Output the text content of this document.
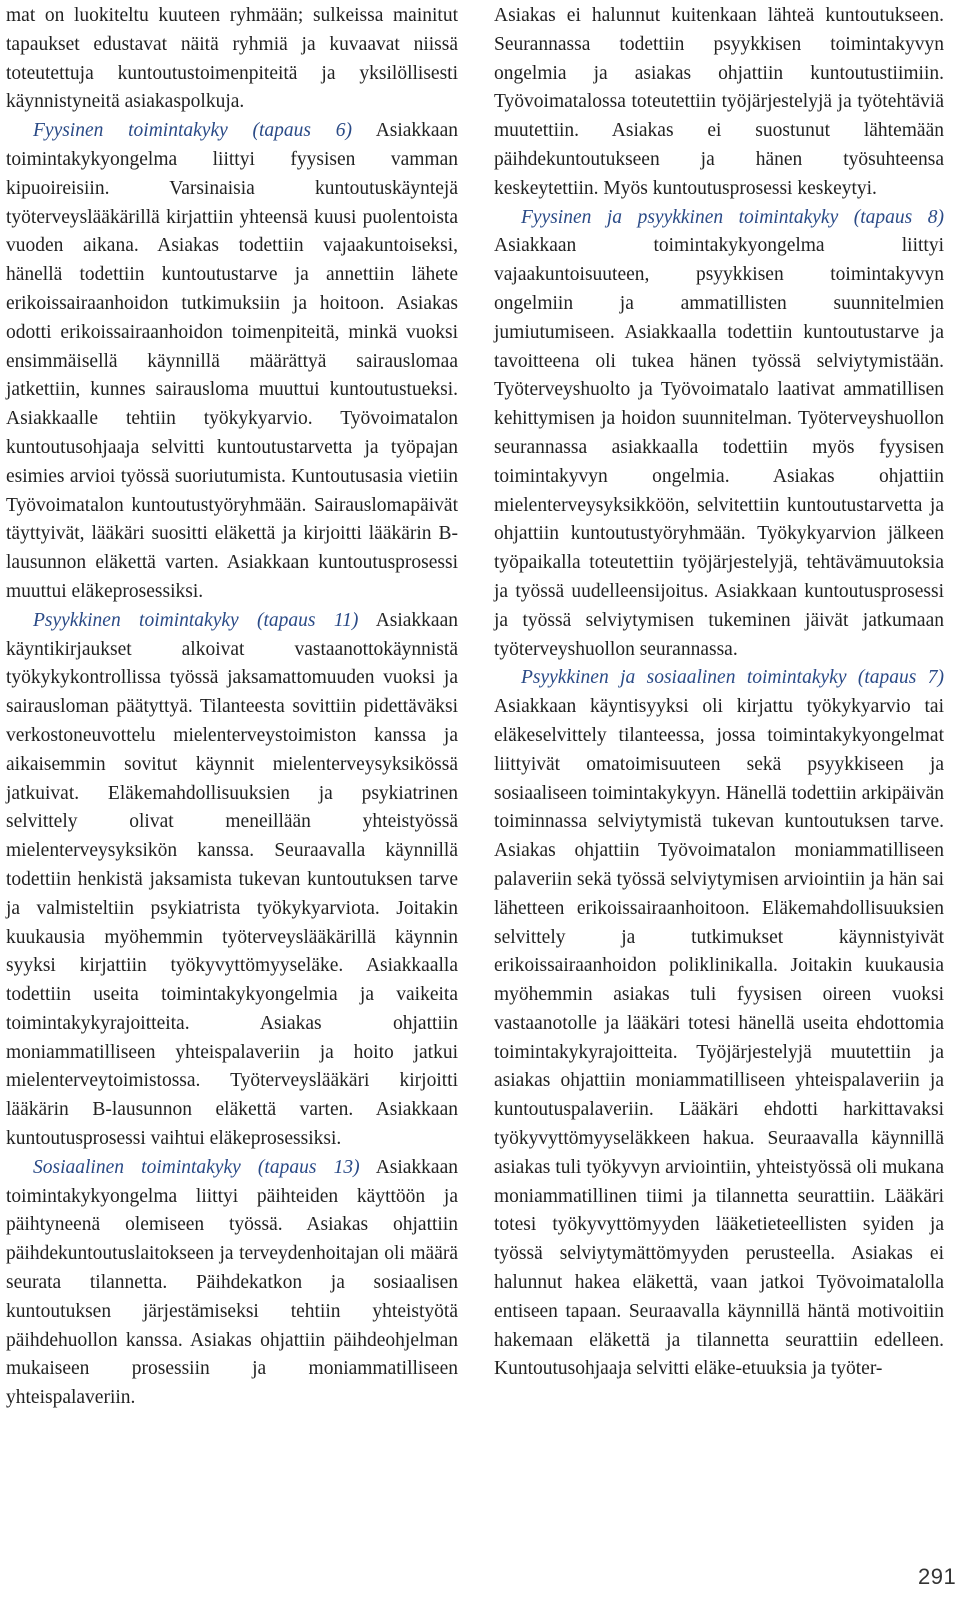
mat on luokiteltu kuuteen ryhmään; sulkeissa mainitut tapaukset edustavat näitä ryhmiä ja kuvaavat niissä toteutettuja kuntoutustoimenpiteitä ja yksilöllisesti käynnistyneitä asiakaspolkuja.

Fyysinen toimintakyky (tapaus 6) Asiakkaan toimintakykyongelma liittyi fyysisen vamman kipuoireisiin. Varsinaisia kuntoutuskäyntejä työterveyslääkärillä kirjattiin yhteensä kuusi puolentoista vuoden aikana. Asiakas todettiin vajaakuntoiseksi, hänellä todettiin kuntoutustarve ja annettiin lähete erikoissairaanhoidon tutkimuksiin ja hoitoon. Asiakas odotti erikoissairaanhoidon toimenpiteitä, minkä vuoksi ensimmäisellä käynnillä määrättyä sairauslomaa jatkettiin, kunnes sairausloma muuttui kuntoutustueksi. Asiakkaalle tehtiin työkykyarvio. Työvoimatalon kuntoutusohjaaja selvitti kuntoutustarvetta ja työpajan esimies arvioi työssä suoriutumista. Kuntoutusasia vietiin Työvoimatalon kuntoutustyöryhmään. Sairauslomapäivät täyttyivät, lääkäri suositti eläkettä ja kirjoitti lääkärin B-lausunnon eläkettä varten. Asiakkaan kuntoutusprosessi muuttui eläkeprosessiksi.

Psyykkinen toimintakyky (tapaus 11) Asiakkaan käyntikirjaukset alkoivat vastaanottokäynnistä työkykykontrollissa työssä jaksamattomuuden vuoksi ja sairausloman päätyttyä. Tilanteesta sovittiin pidettäväksi verkostoneuvottelu mielenterveystoimiston kanssa ja aikaisemmin sovitut käynnit mielenterveysyksikössä jatkuivat. Eläkemahdollisuuksien ja psykiatrinen selvittely olivat meneillään yhteistyössä mielenterveysyksikön kanssa. Seuraavalla käynnillä todettiin henkistä jaksamista tukevan kuntoutuksen tarve ja valmisteltiin psykiatrista työkykyarviota. Joitakin kuukausia myöhemmin työterveyslääkärillä käynnin syyksi kirjattiin työkyvyttömyyseläke. Asiakkaalla todettiin useita toimintakykyongelmia ja vaikeita toimintakykyrajoitteita. Asiakas ohjattiin moniammatilliseen yhteispalaveriin ja hoito jatkui mielenterveytoimistossa. Työterveyslääkäri kirjoitti lääkärin B-lausunnon eläkettä varten. Asiakkaan kuntoutusprosessi vaihtui eläkeprosessiksi.

Sosiaalinen toimintakyky (tapaus 13) Asiakkaan toimintakykyongelma liittyi päihteiden käyttöön ja päihtyneenä olemiseen työssä. Asiakas ohjattiin päihdekuntoutuslaitokseen ja terveydenhoitajan oli määrä seurata tilannetta. Päihdekatkon ja sosiaalisen kuntoutuksen järjestämiseksi tehtiin yhteistyötä päihdehuollon kanssa. Asiakas ohjattiin päihdeohjelman mukaiseen prosessiin ja moniammatilliseen yhteispalaveriin.

Asiakas ei halunnut kuitenkaan lähteä kuntoutukseen. Seurannassa todettiin psyykkisen toimintakyvyn ongelmia ja asiakas ohjattiin kuntoutustiimiin. Työvoimatalossa toteutettiin työjärjestelyjä ja työtehtäviä muutettiin. Asiakas ei suostunut lähtemään päihdekuntoutukseen ja hänen työsuhteensa keskeytettiin. Myös kuntoutusprosessi keskeytyi.

Fyysinen ja psyykkinen toimintakyky (tapaus 8) Asiakkaan toimintakykyongelma liittyi vajaakuntoisuuteen, psyykkisen toimintakyvyn ongelmiin ja ammatillisten suunnitelmien jumiutumiseen. Asiakkaalla todettiin kuntoutustarve ja tavoitteena oli tukea hänen työssä selviytymistään. Työterveyshuolto ja Työvoimatalo laativat ammatillisen kehittymisen ja hoidon suunnitelman. Työterveyshuollon seurannassa asiakkaalla todettiin myös fyysisen toimintakyvyn ongelmia. Asiakas ohjattiin mielenterveysyksikköön, selvitettiin kuntoutustarvetta ja ohjattiin kuntoutustyöryhmään. Työkykyarvion jälkeen työpaikalla toteutettiin työjärjestelyjä, tehtävämuutoksia ja työssä uudelleensijoitus. Asiakkaan kuntoutusprosessi ja työssä selviytymisen tukeminen jäivät jatkumaan työterveyshuollon seurannassa.

Psyykkinen ja sosiaalinen toimintakyky (tapaus 7) Asiakkaan käyntisyyksi oli kirjattu työkykyarvio tai eläkeselvittely tilanteessa, jossa toimintakykyongelmat liittyivät omatoimisuuteen sekä psyykkiseen ja sosiaaliseen toimintakykyyn. Hänellä todettiin arkipäivän toiminnassa selviytymistä tukevan kuntoutuksen tarve. Asiakas ohjattiin Työvoimatalon moniammatilliseen palaveriin sekä työssä selviytymisen arviointiin ja hän sai lähetteen erikoissairaanhoitoon. Eläkemahdollisuuksien selvittely ja tutkimukset käynnistyivät erikoissairaanhoidon poliklinikalla. Joitakin kuukausia myöhemmin asiakas tuli fyysisen oireen vuoksi vastaanotolle ja lääkäri totesi hänellä useita ehdottomia toimintakykyrajoitteita. Työjärjestelyjä muutettiin ja asiakas ohjattiin moniammatilliseen yhteispalaveriin ja kuntoutuspalaveriin. Lääkäri ehdotti harkittavaksi työkyvyttömyyseläkkeen hakua. Seuraavalla käynnillä asiakas tuli työkyvyn arviointiin, yhteistyössä oli mukana moniammatillinen tiimi ja tilannetta seurattiin. Lääkäri totesi työkyvyttömyyden lääketieteellisten syiden ja työssä selviytymättömyyden perusteella. Asiakas ei halunnut hakea eläkettä, vaan jatkoi Työvoimatalolla entiseen tapaan. Seuraavalla käynnillä häntä motivoitiin hakemaan eläkettä ja tilannetta seurattiin edelleen. Kuntoutusohjaaja selvitti eläke-etuuksia ja työter-

291
